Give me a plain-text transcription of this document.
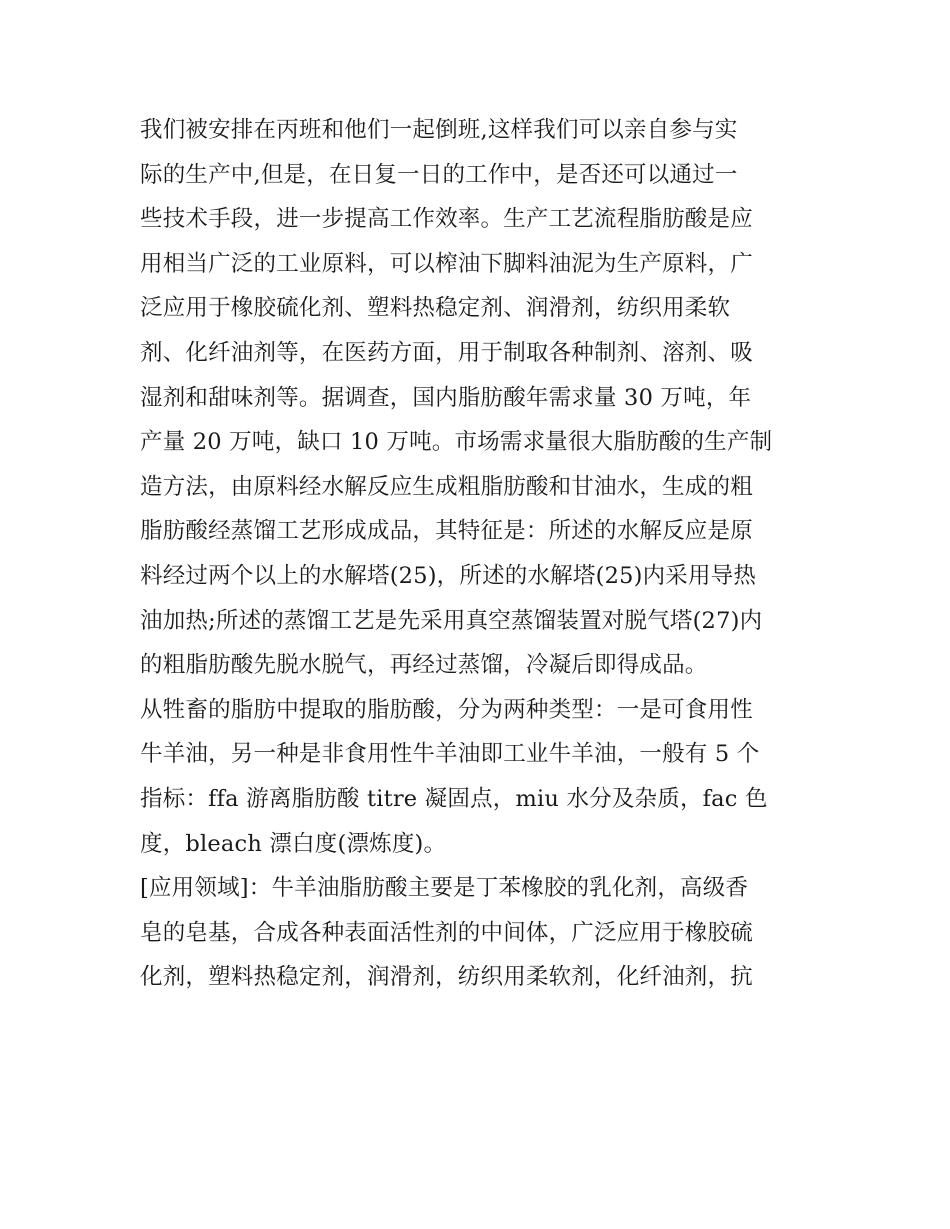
我们被安排在丙班和他们一起倒班,这样我们可以亲自参与实
际的生产中,但是，在日复一日的工作中，是否还可以通过一
些技术手段，进一步提高工作效率。生产工艺流程脂肪酸是应
用相当广泛的工业原料，可以榨油下脚料油泥为生产原料，广
泛应用于橡胶硫化剂、塑料热稳定剂、润滑剂，纺织用柔软
剂、化纤油剂等，在医药方面，用于制取各种制剂、溶剂、吸
湿剂和甜味剂等。据调查，国内脂肪酸年需求量 30 万吨，年
产量 20 万吨，缺口 10 万吨。市场需求量很大脂肪酸的生产制
造方法，由原料经水解反应生成粗脂肪酸和甘油水，生成的粗
脂肪酸经蒸馏工艺形成成品，其特征是：所述的水解反应是原
料经过两个以上的水解塔(25)，所述的水解塔(25)内采用导热
油加热;所述的蒸馏工艺是先采用真空蒸馏装置对脱气塔(27)内
的粗脂肪酸先脱水脱气，再经过蒸馏，冷凝后即得成品。
从牲畜的脂肪中提取的脂肪酸，分为两种类型：一是可食用性
牛羊油，另一种是非食用性牛羊油即工业牛羊油，一般有 5 个
指标：ffa 游离脂肪酸 titre 凝固点，miu 水分及杂质，fac 色
度，bleach 漂白度(漂炼度)。
[应用领域]：牛羊油脂肪酸主要是丁苯橡胶的乳化剂，高级香
皂的皂基，合成各种表面活性剂的中间体，广泛应用于橡胶硫
化剂，塑料热稳定剂，润滑剂，纺织用柔软剂，化纤油剂，抗
